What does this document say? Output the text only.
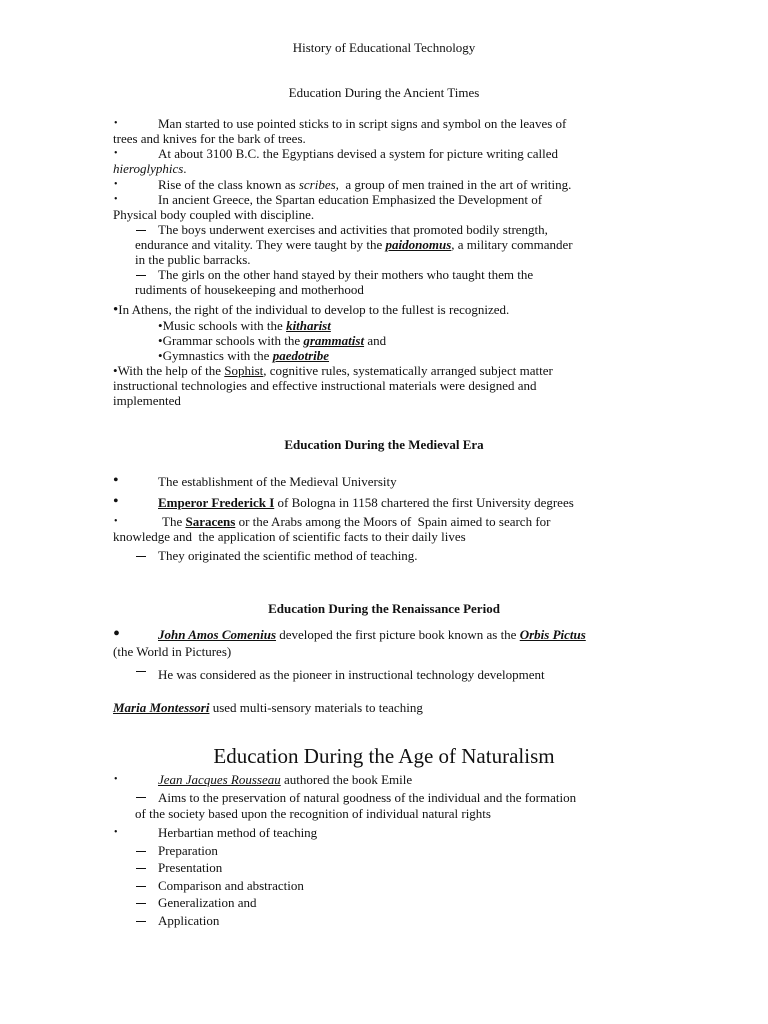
History of Educational Technology
Education During the Ancient Times
•	Man started to use pointed sticks to in script signs and symbol on the leaves of
trees and knives for the bark of trees.
•	At about 3100 B.C. the Egyptians devised a system for picture writing called
hieroglyphics.
•	Rise of the class known as scribes,  a group of men trained in the art of writing.
•	In ancient Greece, the Spartan education Emphasized the Development of
Physical body coupled with discipline.
The boys underwent exercises and activities that promoted bodily strength,
endurance and vitality. They were taught by the paidonomus, a military commander
in the public barracks.
The girls on the other hand stayed by their mothers who taught them the
rudiments of housekeeping and motherhood
•In Athens, the right of the individual to develop to the fullest is recognized.
•Music schools with the kitharist
•Grammar schools with the grammatist and
•Gymnastics with the paedotribe
•With the help of the Sophist, cognitive rules, systematically arranged subject matter
instructional technologies and effective instructional materials were designed and
implemented
Education During the Medieval Era
•	The establishment of the Medieval University
•	Emperor Frederick I of Bologna in 1158 chartered the first University degrees
•	The Saracens or the Arabs among the Moors of  Spain aimed to search for
knowledge and  the application of scientific facts to their daily lives
They originated the scientific method of teaching.
Education During the Renaissance Period
•	John Amos Comenius developed the first picture book known as the Orbis Pictus
(the World in Pictures)
He was considered as the pioneer in instructional technology development
Maria Montessori used multi-sensory materials to teaching
Education During the Age of Naturalism
•	Jean Jacques Rousseau authored the book Emile
Aims to the preservation of natural goodness of the individual and the formation
of the society based upon the recognition of individual natural rights
•	Herbartian method of teaching
Preparation
Presentation
Comparison and abstraction
Generalization and
Application
